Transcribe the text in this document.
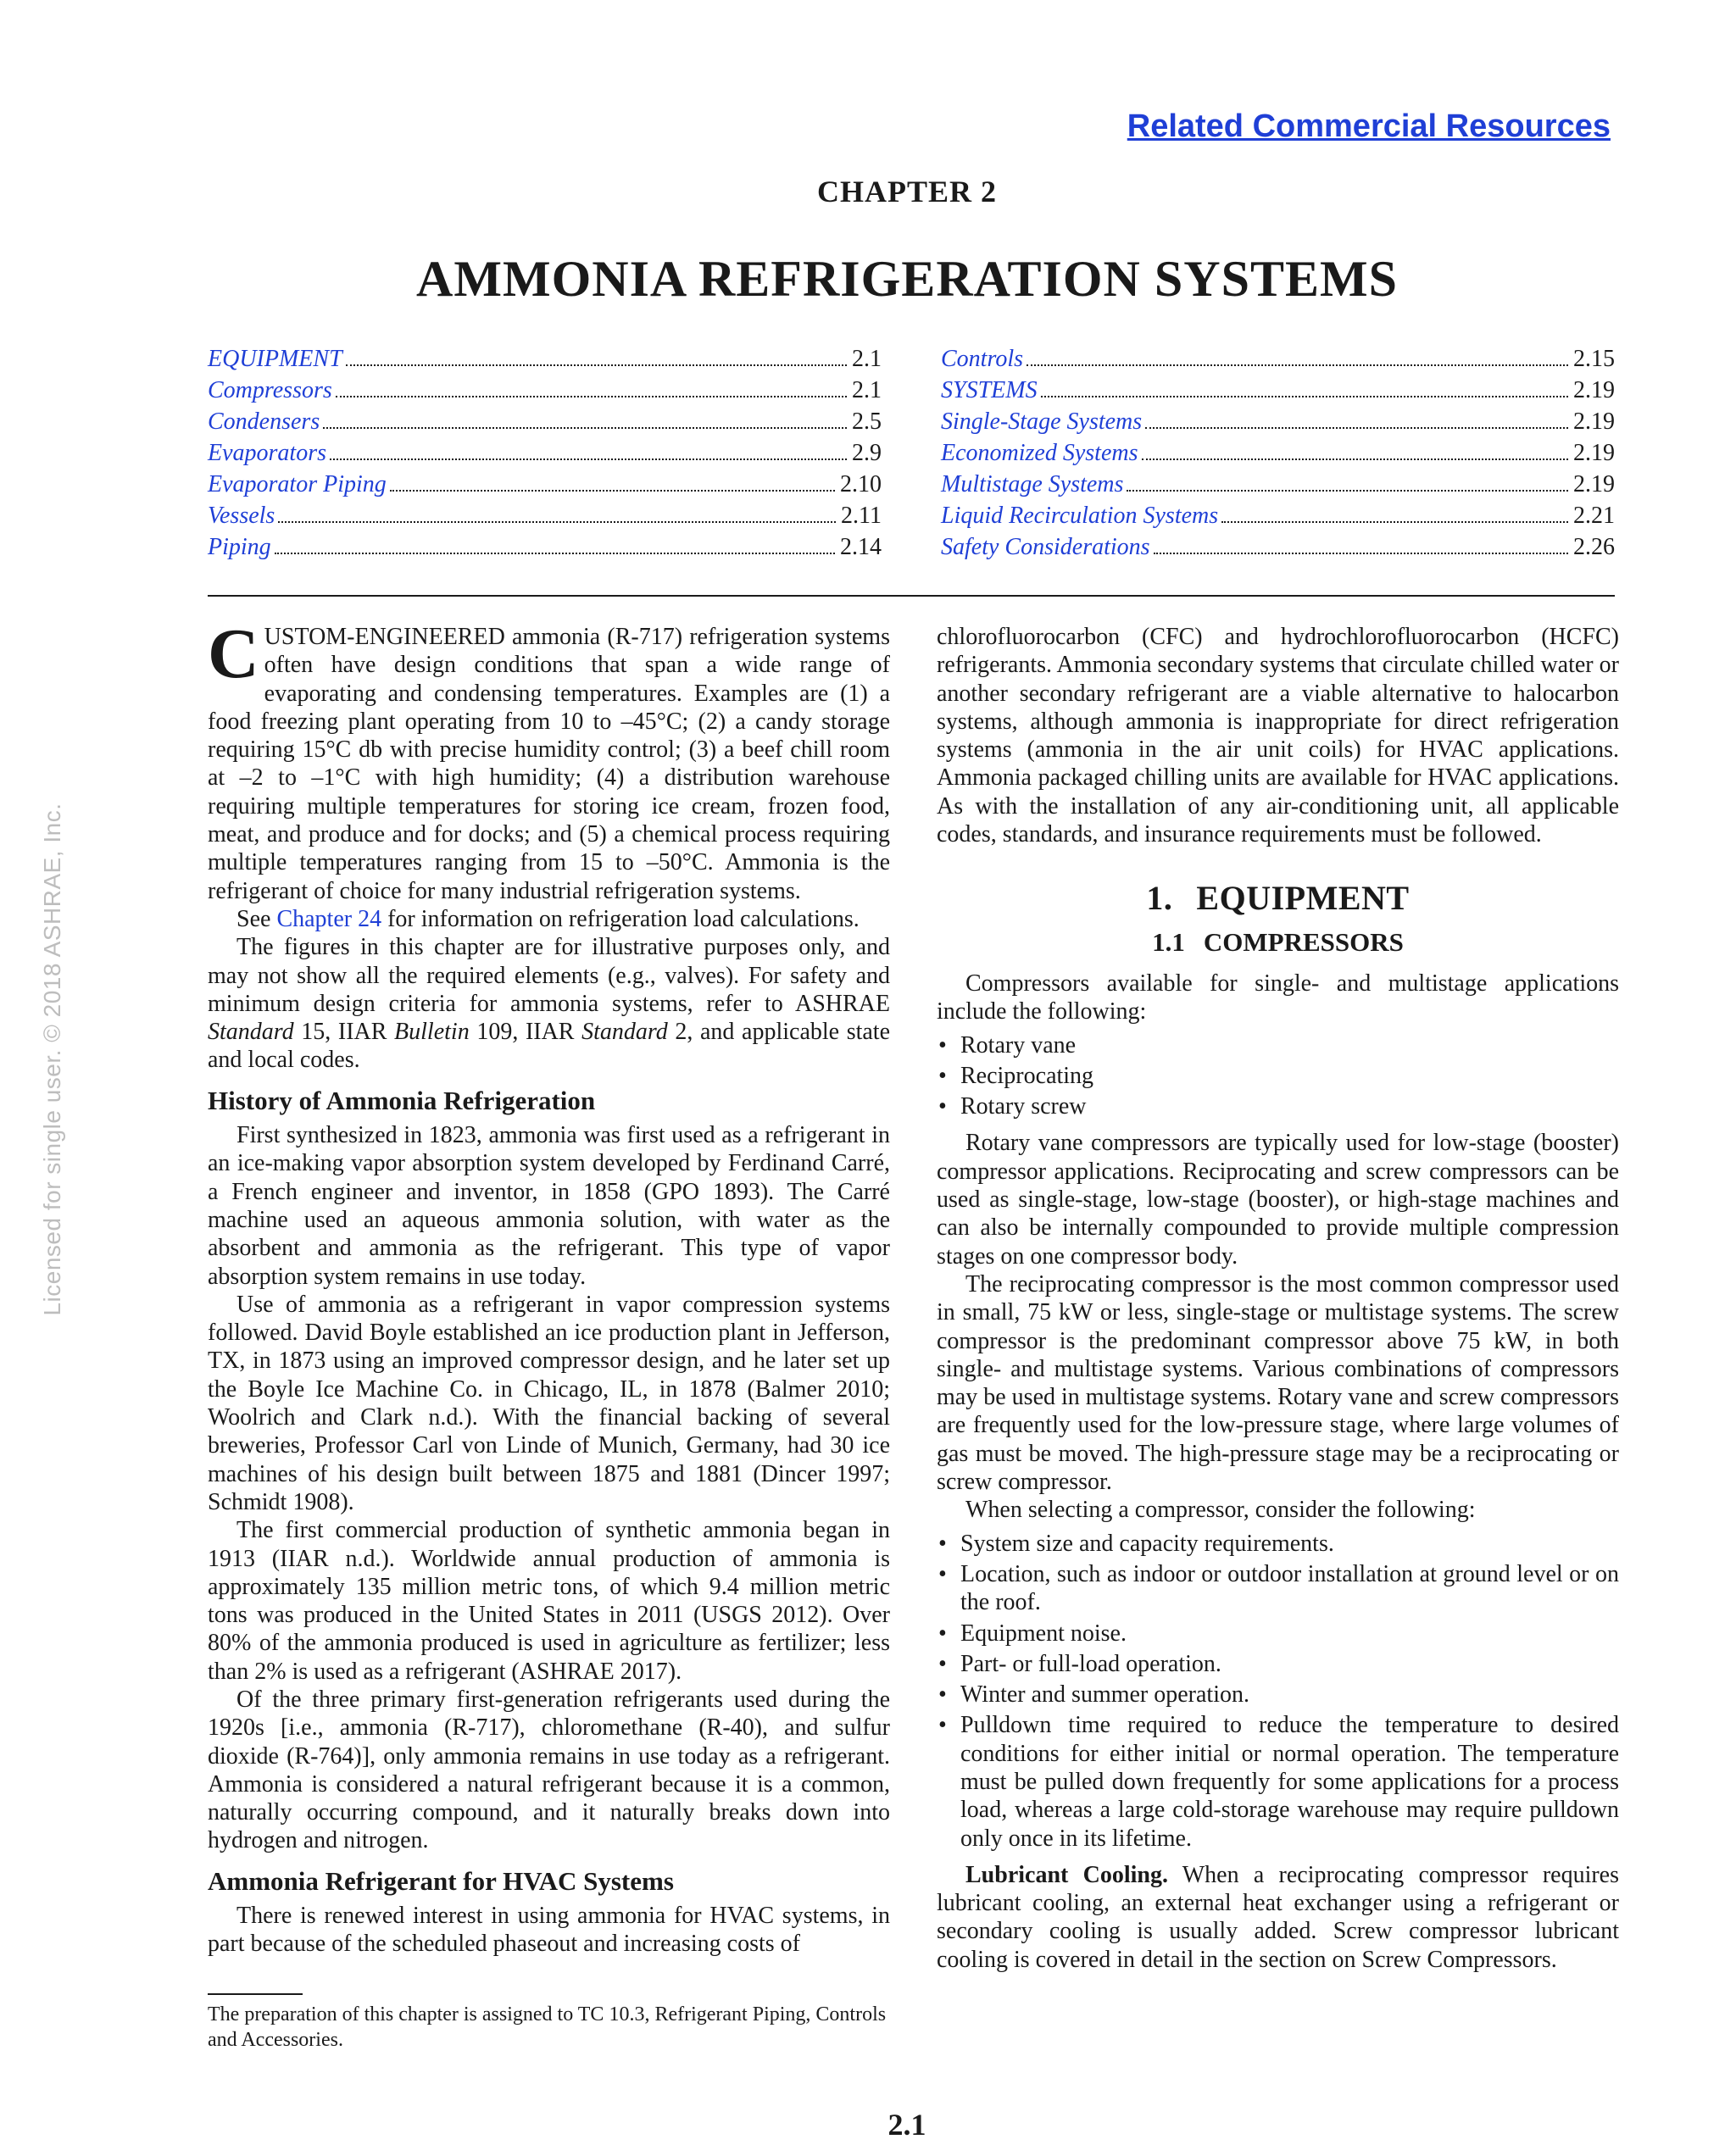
Related Commercial Resources
CHAPTER 2
AMMONIA REFRIGERATION SYSTEMS
Licensed for single user. © 2018 ASHRAE, Inc.
EQUIPMENT	2.1
Compressors	2.1
Condensers	2.5
Evaporators	2.9
Evaporator Piping	2.10
Vessels	2.11
Piping	2.14
Controls	2.15
SYSTEMS	2.19
Single-Stage Systems	2.19
Economized Systems	2.19
Multistage Systems	2.19
Liquid Recirculation Systems	2.21
Safety Considerations	2.26

CUSTOM-ENGINEERED ammonia (R-717) refrigeration systems often have design conditions that span a wide range of evaporating and condensing temperatures. Examples are (1) a food freezing plant operating from 10 to –45°C; (2) a candy storage requiring 15°C db with precise humidity control; (3) a beef chill room at –2 to –1°C with high humidity; (4) a distribution warehouse requiring multiple temperatures for storing ice cream, frozen food, meat, and produce and for docks; and (5) a chemical process requiring multiple temperatures ranging from 15 to –50°C. Ammonia is the refrigerant of choice for many industrial refrigeration systems.

See Chapter 24 for information on refrigeration load calculations.

The figures in this chapter are for illustrative purposes only, and may not show all the required elements (e.g., valves). For safety and minimum design criteria for ammonia systems, refer to ASHRAE Standard 15, IIAR Bulletin 109, IIAR Standard 2, and applicable state and local codes.

History of Ammonia Refrigeration

First synthesized in 1823, ammonia was first used as a refrigerant in an ice-making vapor absorption system developed by Ferdinand Carré, a French engineer and inventor, in 1858 (GPO 1893). The Carré machine used an aqueous ammonia solution, with water as the absorbent and ammonia as the refrigerant. This type of vapor absorption system remains in use today.

Use of ammonia as a refrigerant in vapor compression systems followed. David Boyle established an ice production plant in Jefferson, TX, in 1873 using an improved compressor design, and he later set up the Boyle Ice Machine Co. in Chicago, IL, in 1878 (Balmer 2010; Woolrich and Clark n.d.). With the financial backing of several breweries, Professor Carl von Linde of Munich, Germany, had 30 ice machines of his design built between 1875 and 1881 (Dincer 1997; Schmidt 1908).

The first commercial production of synthetic ammonia began in 1913 (IIAR n.d.). Worldwide annual production of ammonia is approximately 135 million metric tons, of which 9.4 million metric tons was produced in the United States in 2011 (USGS 2012). Over 80% of the ammonia produced is used in agriculture as fertilizer; less than 2% is used as a refrigerant (ASHRAE 2017).

Of the three primary first-generation refrigerants used during the 1920s [i.e., ammonia (R-717), chloromethane (R-40), and sulfur dioxide (R-764)], only ammonia remains in use today as a refrigerant. Ammonia is considered a natural refrigerant because it is a common, naturally occurring compound, and it naturally breaks down into hydrogen and nitrogen.

Ammonia Refrigerant for HVAC Systems

There is renewed interest in using ammonia for HVAC systems, in part because of the scheduled phaseout and increasing costs of

chlorofluorocarbon (CFC) and hydrochlorofluorocarbon (HCFC) refrigerants. Ammonia secondary systems that circulate chilled water or another secondary refrigerant are a viable alternative to halocarbon systems, although ammonia is inappropriate for direct refrigeration systems (ammonia in the air unit coils) for HVAC applications. Ammonia packaged chilling units are available for HVAC applications. As with the installation of any air-conditioning unit, all applicable codes, standards, and insurance requirements must be followed.

1. EQUIPMENT
1.1 COMPRESSORS

Compressors available for single- and multistage applications include the following:

• Rotary vane
• Reciprocating
• Rotary screw

Rotary vane compressors are typically used for low-stage (booster) compressor applications. Reciprocating and screw compressors can be used as single-stage, low-stage (booster), or high-stage machines and can also be internally compounded to provide multiple compression stages on one compressor body.

The reciprocating compressor is the most common compressor used in small, 75 kW or less, single-stage or multistage systems. The screw compressor is the predominant compressor above 75 kW, in both single- and multistage systems. Various combinations of compressors may be used in multistage systems. Rotary vane and screw compressors are frequently used for the low-pressure stage, where large volumes of gas must be moved. The high-pressure stage may be a reciprocating or screw compressor.

When selecting a compressor, consider the following:

• System size and capacity requirements.
• Location, such as indoor or outdoor installation at ground level or on the roof.
• Equipment noise.
• Part- or full-load operation.
• Winter and summer operation.
• Pulldown time required to reduce the temperature to desired conditions for either initial or normal operation. The temperature must be pulled down frequently for some applications for a process load, whereas a large cold-storage warehouse may require pulldown only once in its lifetime.

Lubricant Cooling. When a reciprocating compressor requires lubricant cooling, an external heat exchanger using a refrigerant or secondary cooling is usually added. Screw compressor lubricant cooling is covered in detail in the section on Screw Compressors.

The preparation of this chapter is assigned to TC 10.3, Refrigerant Piping, Controls and Accessories.
2.1
